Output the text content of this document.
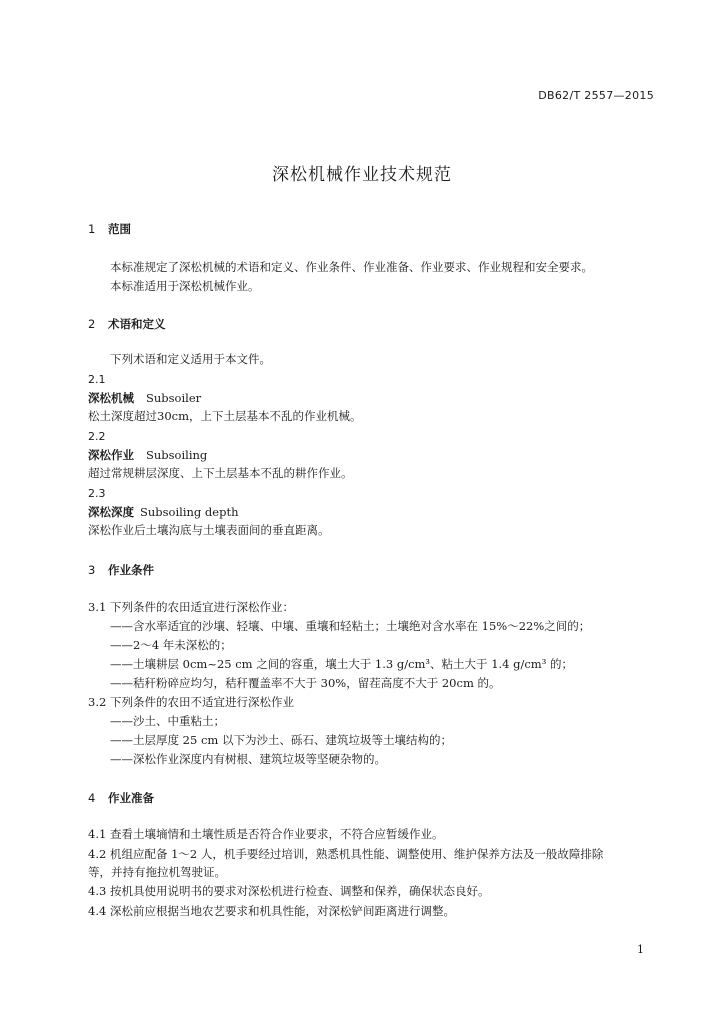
DB62/T 2557—2015
深松机械作业技术规范
1 范围
本标准规定了深松机械的术语和定义、作业条件、作业准备、作业要求、作业规程和安全要求。
本标准适用于深松机械作业。
2 术语和定义
下列术语和定义适用于本文件。
2.1
深松机械 Subsoiler
松土深度超过30cm，上下土层基本不乱的作业机械。
2.2
深松作业 Subsoiling
超过常规耕层深度、上下土层基本不乱的耕作作业。
2.3
深松深度 Subsoiling depth
深松作业后土壤沟底与土壤表面间的垂直距离。
3 作业条件
3.1 下列条件的农田适宜进行深松作业：
——含水率适宜的沙壤、轻壤、中壤、重壤和轻粘土；土壤绝对含水率在 15%～22%之间的；
——2～4 年未深松的；
——土壤耕层 0cm~25 cm 之间的容重，壤土大于 1.3 g/cm³、粘土大于 1.4 g/cm³ 的；
——秸秆粉碎应均匀，秸秆覆盖率不大于 30%，留茬高度不大于 20cm 的。
3.2 下列条件的农田不适宜进行深松作业
——沙土、中重粘土；
——土层厚度 25 cm 以下为沙土、砾石、建筑垃圾等土壤结构的；
——深松作业深度内有树根、建筑垃圾等坚硬杂物的。
4 作业准备
4.1 查看土壤墒情和土壤性质是否符合作业要求，不符合应暂缓作业。
4.2 机组应配备 1～2 人，机手要经过培训，熟悉机具性能、调整使用、维护保养方法及一般故障排除
等，并持有拖拉机驾驶证。
4.3 按机具使用说明书的要求对深松机进行检查、调整和保养，确保状态良好。
4.4 深松前应根据当地农艺要求和机具性能，对深松铲间距离进行调整。
1
